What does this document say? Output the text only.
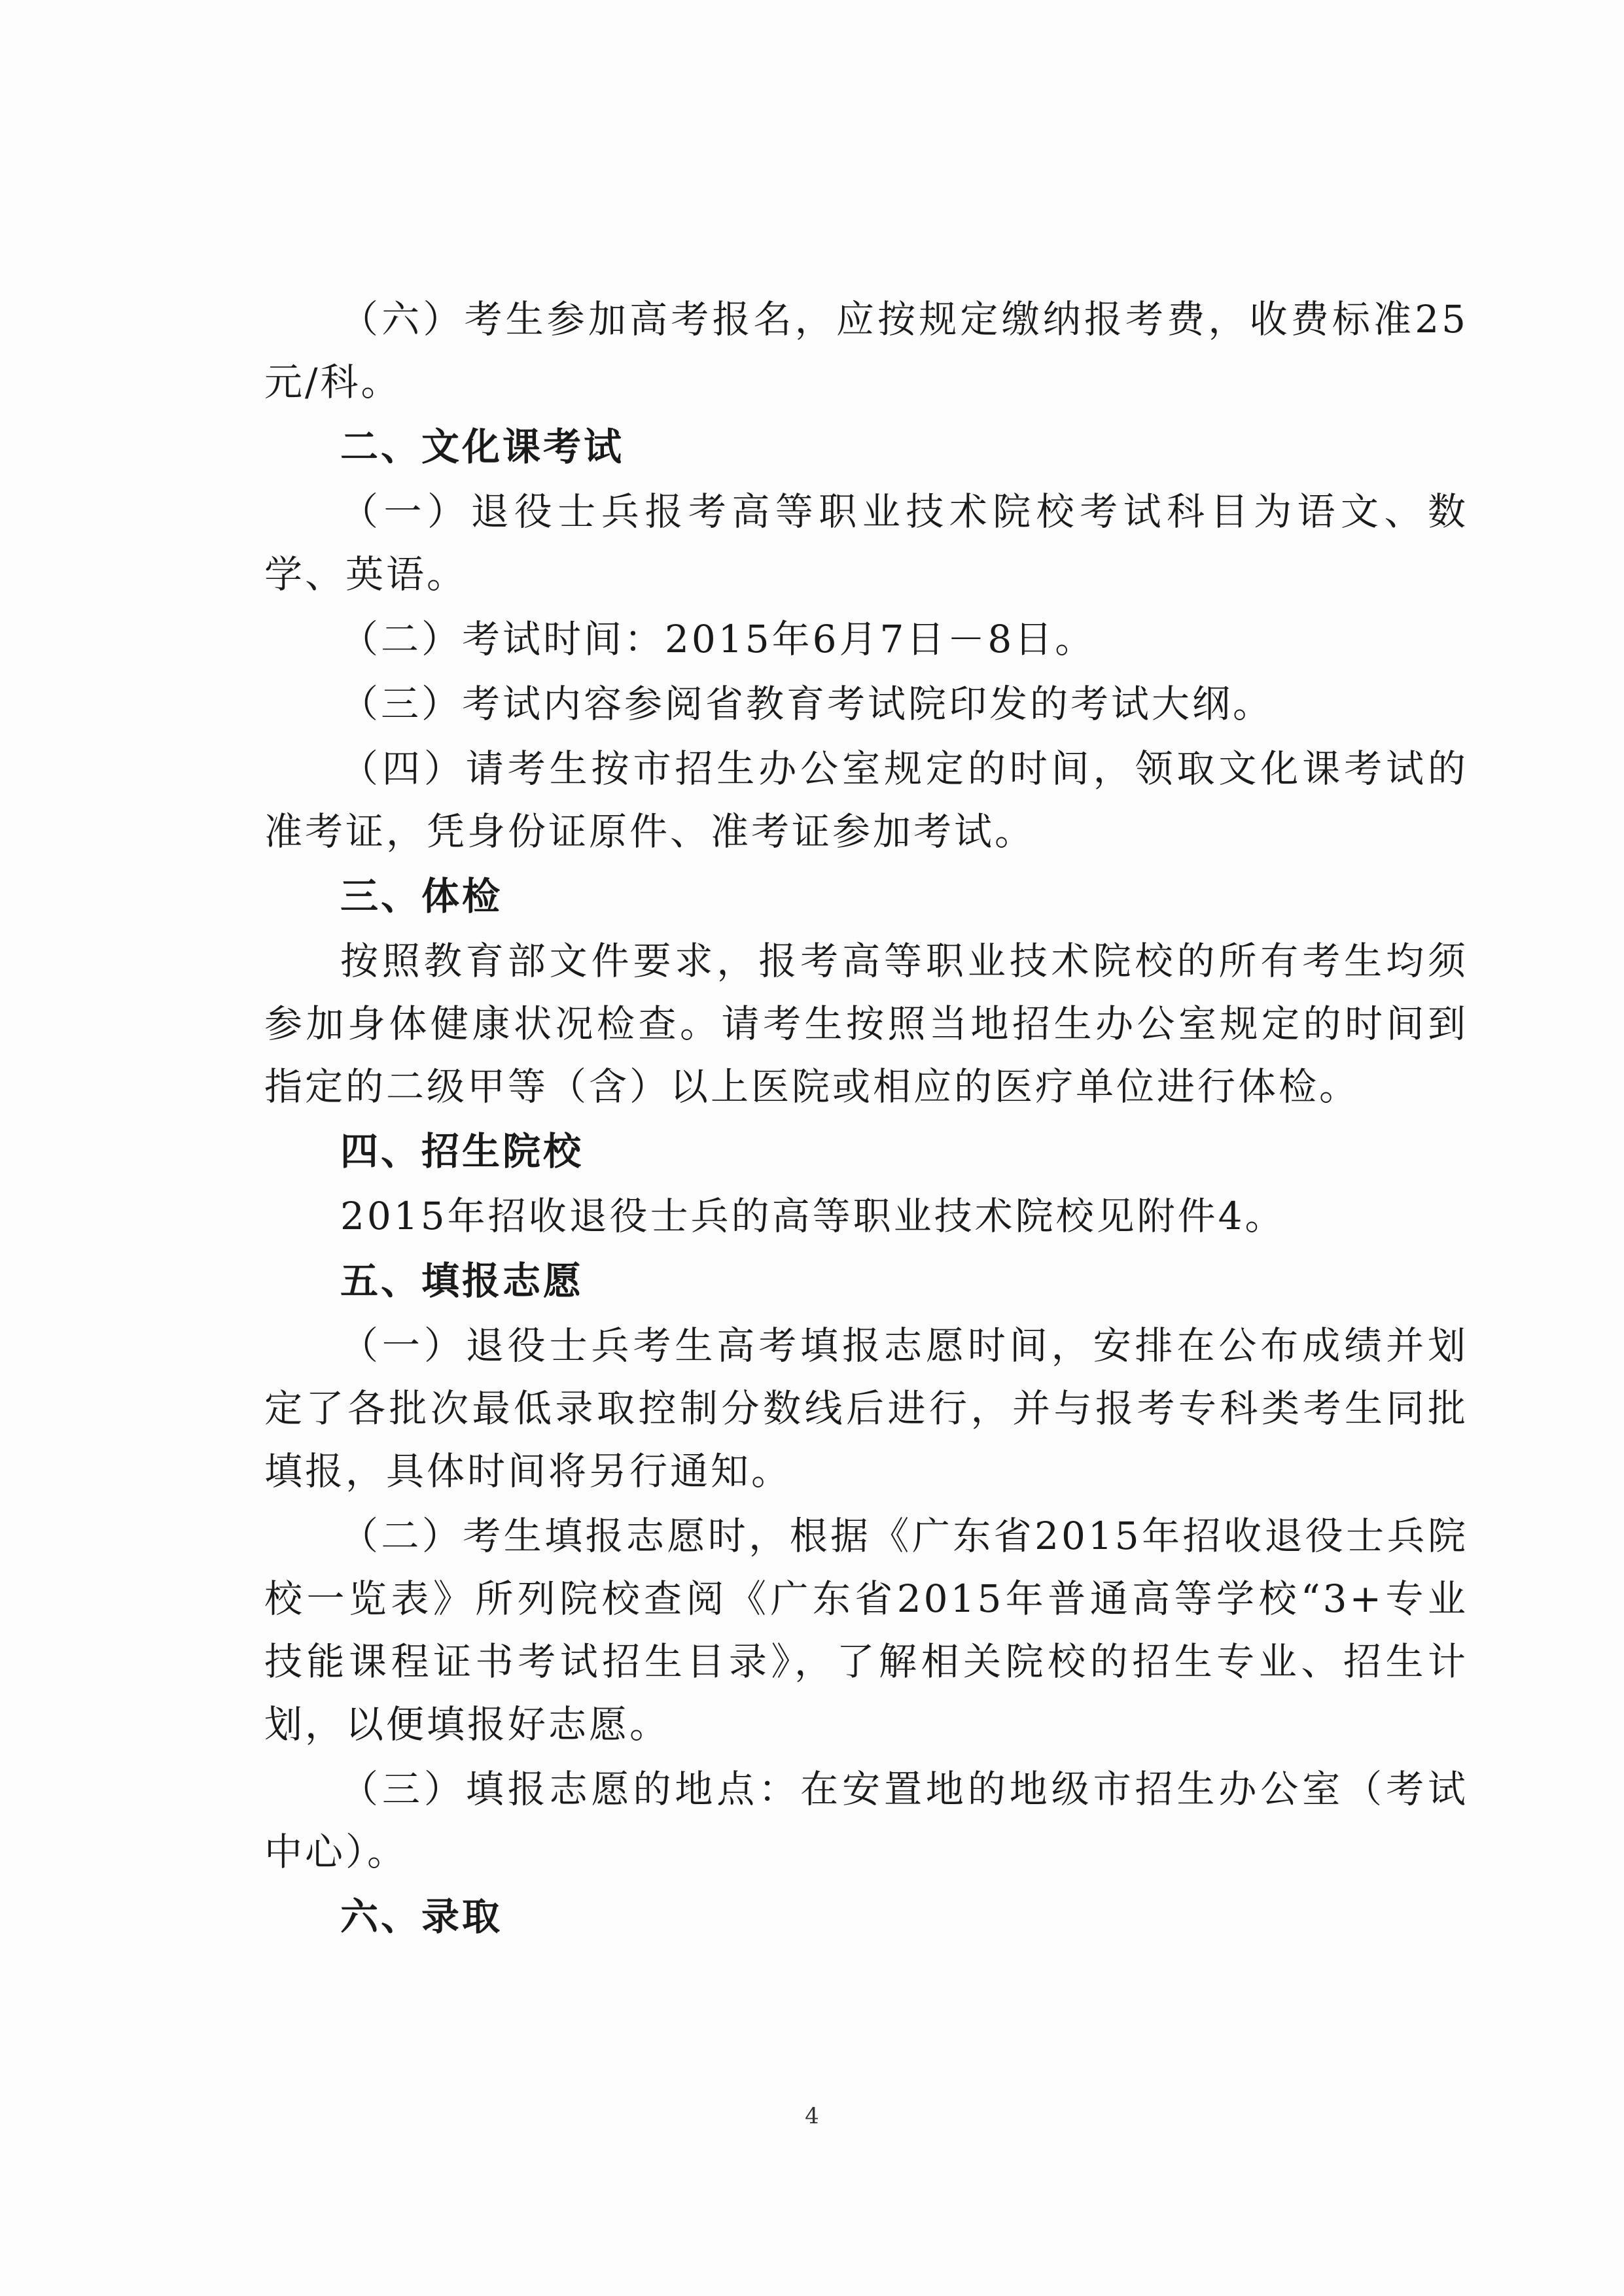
（六）考生参加高考报名，应按规定缴纳报考费，收费标准25元/科。

二、文化课考试

（一）退役士兵报考高等职业技术院校考试科目为语文、数学、英语。

（二）考试时间：2015年6月7日－8日。

（三）考试内容参阅省教育考试院印发的考试大纲。

（四）请考生按市招生办公室规定的时间，领取文化课考试的准考证，凭身份证原件、准考证参加考试。

三、体检

按照教育部文件要求，报考高等职业技术院校的所有考生均须参加身体健康状况检查。请考生按照当地招生办公室规定的时间到指定的二级甲等（含）以上医院或相应的医疗单位进行体检。

四、招生院校

2015年招收退役士兵的高等职业技术院校见附件4。

五、填报志愿

（一）退役士兵考生高考填报志愿时间，安排在公布成绩并划定了各批次最低录取控制分数线后进行，并与报考专科类考生同批填报，具体时间将另行通知。

（二）考生填报志愿时，根据《广东省2015年招收退役士兵院校一览表》所列院校查阅《广东省2015年普通高等学校“3+专业技能课程证书考试招生目录》，了解相关院校的招生专业、招生计划，以便填报好志愿。

（三）填报志愿的地点：在安置地的地级市招生办公室（考试中心）。

六、录取

4
